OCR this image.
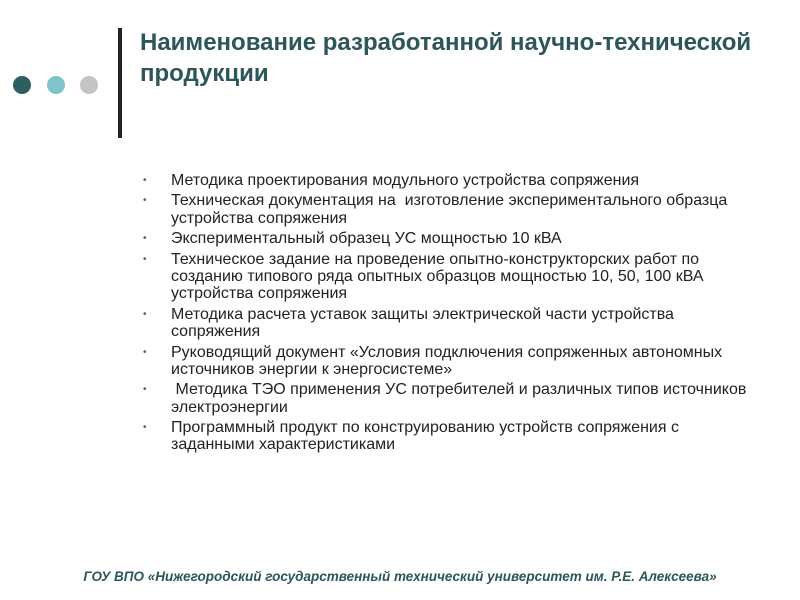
Наименование разработанной научно-технической продукции
• Методика проектирования модульного устройства сопряжения
• Техническая документация на  изготовление экспериментального образца устройства сопряжения
• Экспериментальный образец УС мощностью 10 кВА
• Техническое задание на проведение опытно-конструкторских работ по созданию типового ряда опытных образцов мощностью 10, 50, 100 кВА устройства сопряжения
• Методика расчета уставок защиты электрической части устройства сопряжения
• Руководящий документ «Условия подключения сопряженных автономных источников энергии к энергосистеме»
• Методика ТЭО применения УС потребителей и различных типов источников электроэнергии
• Программный продукт по конструированию устройств сопряжения с заданными характеристиками
ГОУ ВПО «Нижегородский государственный технический университет им. Р.Е. Алексеева»
